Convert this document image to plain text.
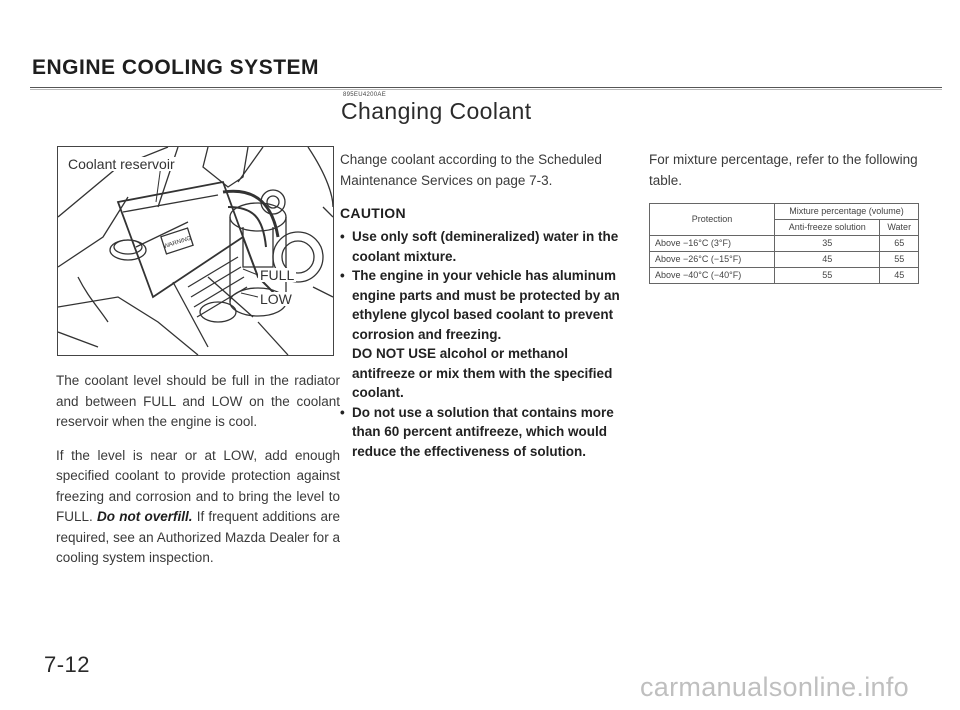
ENGINE COOLING SYSTEM
895EU4200AE
Changing Coolant
WARNING
Coolant reservoir
FULL
LOW

The coolant level should be full in the radiator and between FULL and LOW on the coolant reservoir when the engine is cool.

If the level is near or at LOW, add enough specified coolant to provide protection against freezing and corrosion and to bring the level to FULL. Do not overfill. If frequent additions are required, see an Authorized Mazda Dealer for a cooling system inspection.

Change coolant according to the Scheduled Maintenance Services on page 7-3.

CAUTION
• Use only soft (demineralized) water in the coolant mixture.
• The engine in your vehicle has aluminum engine parts and must be protected by an ethylene glycol based coolant to prevent corrosion and freezing.
DO NOT USE alcohol or methanol antifreeze or mix them with the specified coolant.
• Do not use a solution that contains more than 60 percent antifreeze, which would reduce the effectiveness of solution.

For mixture percentage, refer to the following table.

Protection	Mixture percentage (volume)	
	Anti-freeze solution	Water
Above −16°C (3°F)	35	65
Above −26°C (−15°F)	45	55
Above −40°C (−40°F)	55	45
7-12
carmanualsonline.info
